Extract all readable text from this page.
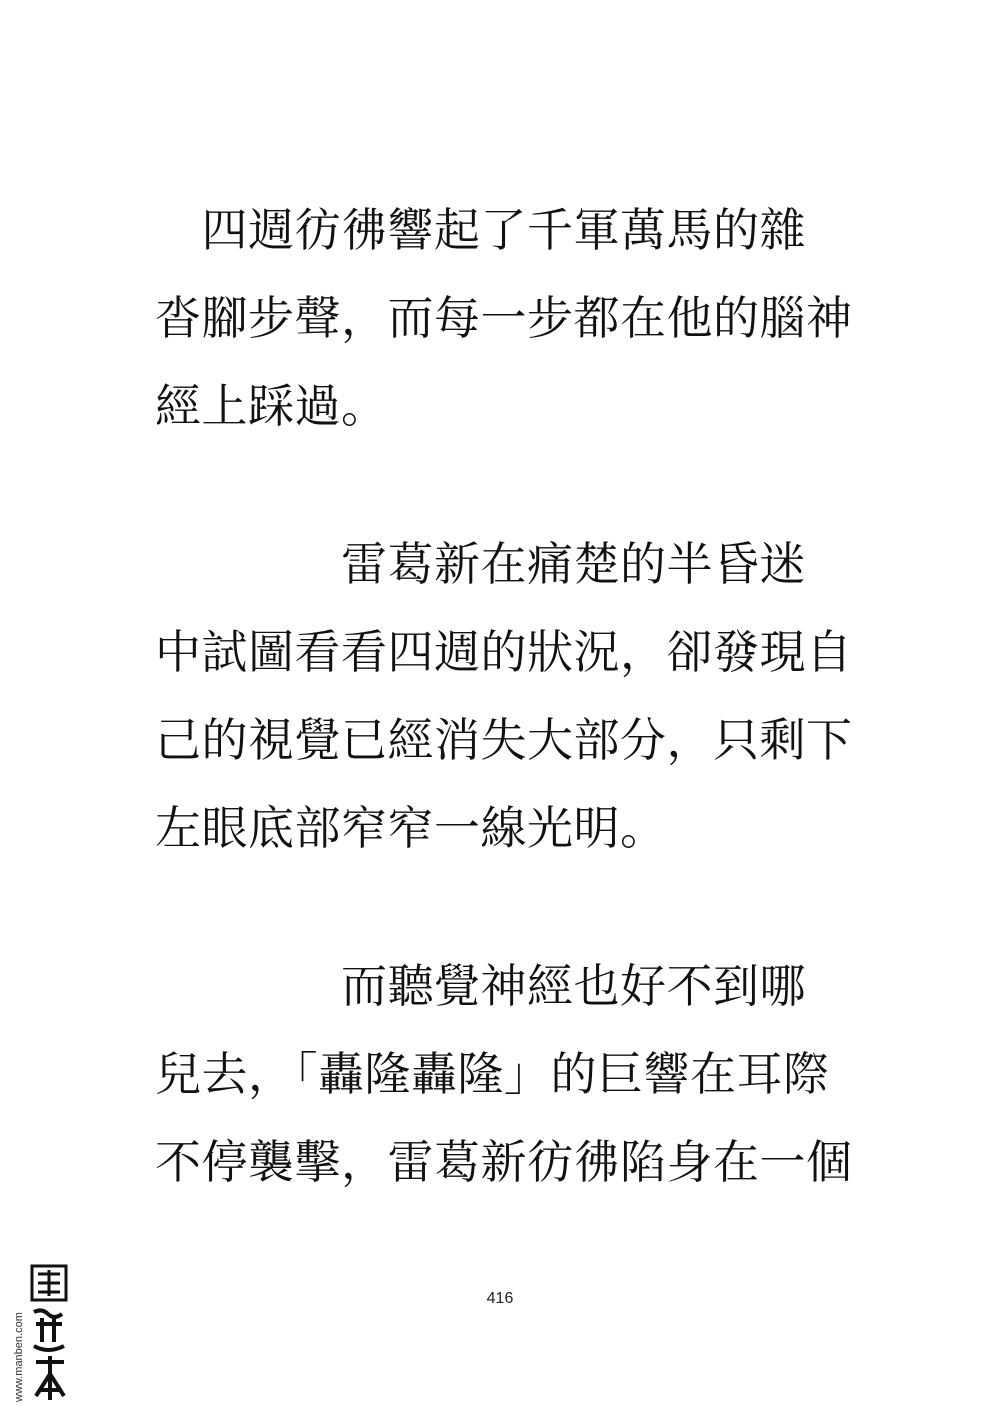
　四週彷彿響起了千軍萬馬的雜
沓腳步聲，而每一步都在他的腦神
經上踩過。
　　　　雷葛新在痛楚的半昏迷
中試圖看看四週的狀況，卻發現自
己的視覺已經消失大部分，只剩下
左眼底部窄窄一線光明。
　　　　而聽覺神經也好不到哪
兒去，「轟隆轟隆」的巨響在耳際
不停襲擊，雷葛新彷彿陷身在一個
416
www.manben.com
